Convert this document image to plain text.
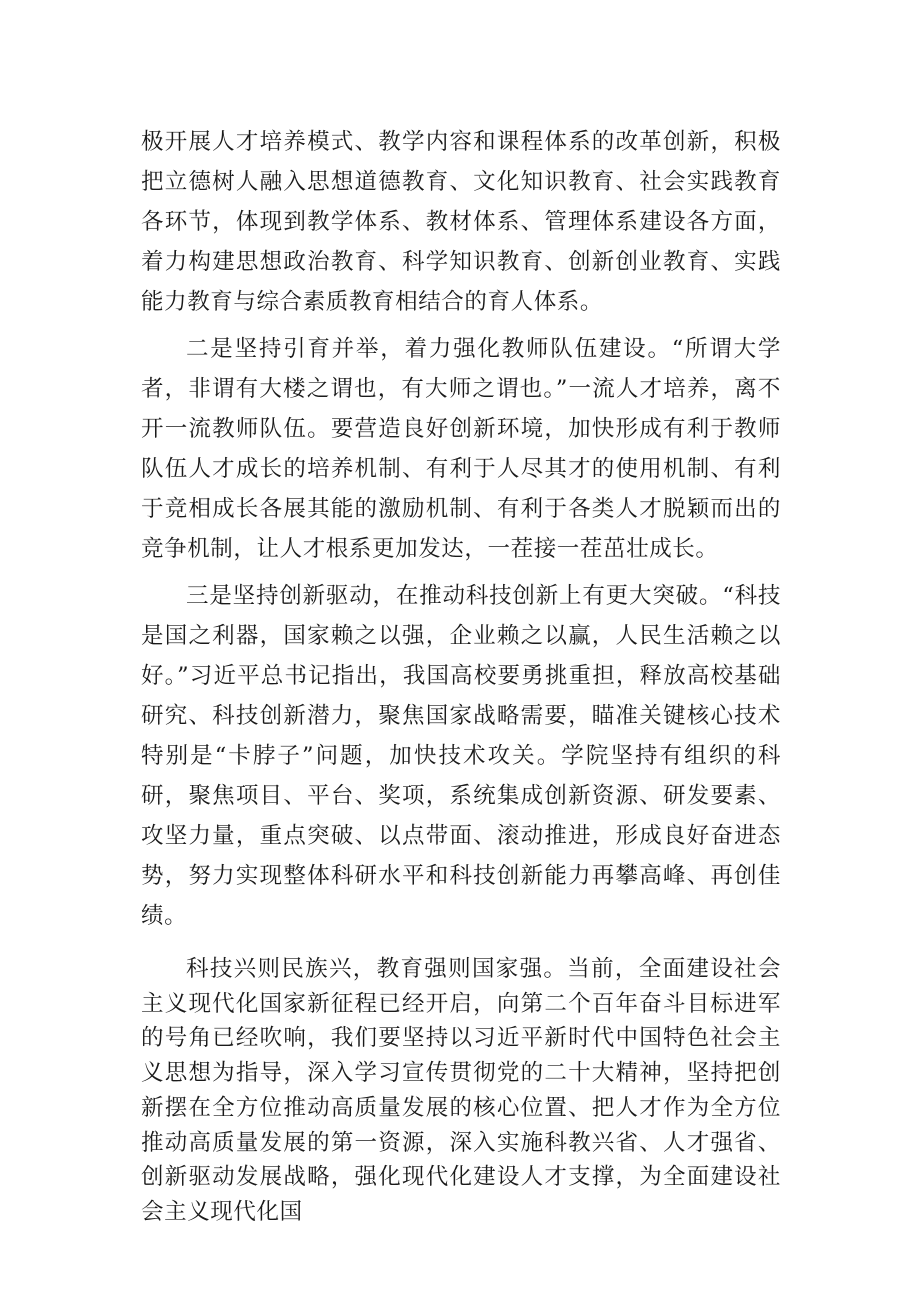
极开展人才培养模式、教学内容和课程体系的改革创新，积极把立德树人融入思想道德教育、文化知识教育、社会实践教育各环节，体现到教学体系、教材体系、管理体系建设各方面，着力构建思想政治教育、科学知识教育、创新创业教育、实践能力教育与综合素质教育相结合的育人体系。

二是坚持引育并举，着力强化教师队伍建设。“所谓大学者，非谓有大楼之谓也，有大师之谓也。”一流人才培养，离不开一流教师队伍。要营造良好创新环境，加快形成有利于教师队伍人才成长的培养机制、有利于人尽其才的使用机制、有利于竞相成长各展其能的激励机制、有利于各类人才脱颖而出的竞争机制，让人才根系更加发达，一茬接一茬茁壮成长。

三是坚持创新驱动，在推动科技创新上有更大突破。“科技是国之利器，国家赖之以强，企业赖之以赢，人民生活赖之以好。”习近平总书记指出，我国高校要勇挑重担，释放高校基础研究、科技创新潜力，聚焦国家战略需要，瞄准关键核心技术特别是“卡脖子”问题，加快技术攻关。学院坚持有组织的科研，聚焦项目、平台、奖项，系统集成创新资源、研发要素、攻坚力量，重点突破、以点带面、滚动推进，形成良好奋进态势，努力实现整体科研水平和科技创新能力再攀高峰、再创佳绩。

科技兴则民族兴，教育强则国家强。当前，全面建设社会主义现代化国家新征程已经开启，向第二个百年奋斗目标进军的号角已经吹响，我们要坚持以习近平新时代中国特色社会主义思想为指导，深入学习宣传贯彻党的二十大精神，坚持把创新摆在全方位推动高质量发展的核心位置、把人才作为全方位推动高质量发展的第一资源，深入实施科教兴省、人才强省、创新驱动发展战略，强化现代化建设人才支撑，为全面建设社会主义现代化国
